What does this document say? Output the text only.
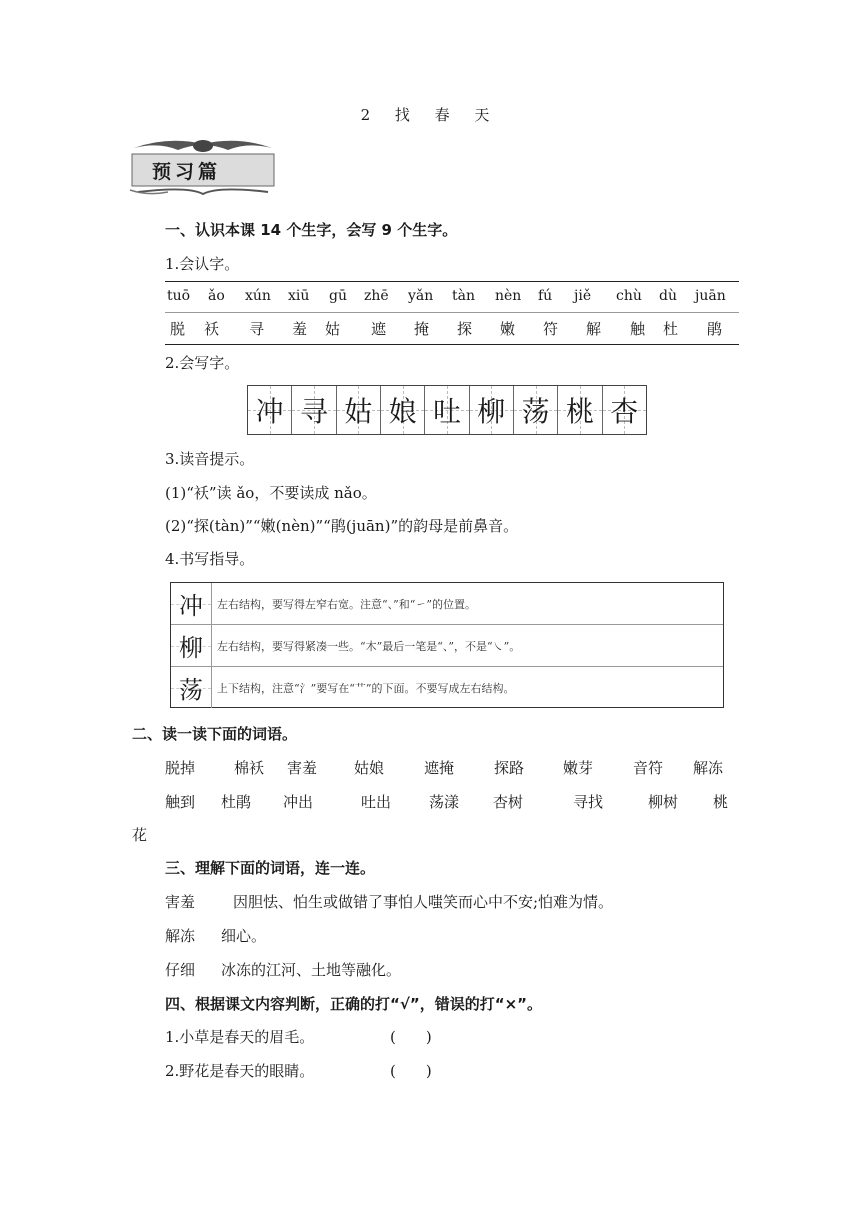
2 找 春 天
预习篇
一、认识本课 14 个生字，会写 9 个生字。
1.会认字。
tuō ǎo xún xiū gū zhē yǎn tàn nèn fú jiě chù dù juān
脱 袄 寻 羞 姑 遮 掩 探 嫩 符 解 触 杜 鹃
2.会写字。
冲 寻 姑 娘 吐 柳 荡 桃 杏
3.读音提示。
(1)“袄”读 ǎo，不要读成 nǎo。
(2)“探(tàn)”“嫩(nèn)”“鹃(juān)”的韵母是前鼻音。
4.书写指导。
冲 左右结构，要写得左窄右宽。注意“、”和“㇀”的位置。
柳 左右结构，要写得紧凑一些。“木”最后一笔是“、”，不是“㇏”。
荡 上下结构，注意“氵”要写在“艹”的下面。不要写成左右结构。
二、读一读下面的词语。
脱掉	棉袄 害羞 姑娘	遮掩	探路	嫩芽	音符 解冻
触到 杜鹃 冲出	吐出	荡漾 杏树	寻找	柳树 桃
花
三、理解下面的词语，连一连。
害羞	因胆怯、怕生或做错了事怕人嗤笑而心中不安;怕难为情。
解冻 细心。
仔细 冰冻的江河、土地等融化。
四、根据课文内容判断，正确的打“√”，错误的打“×”。
1.小草是春天的眉毛。	(　　)
2.野花是春天的眼睛。	(　　)
